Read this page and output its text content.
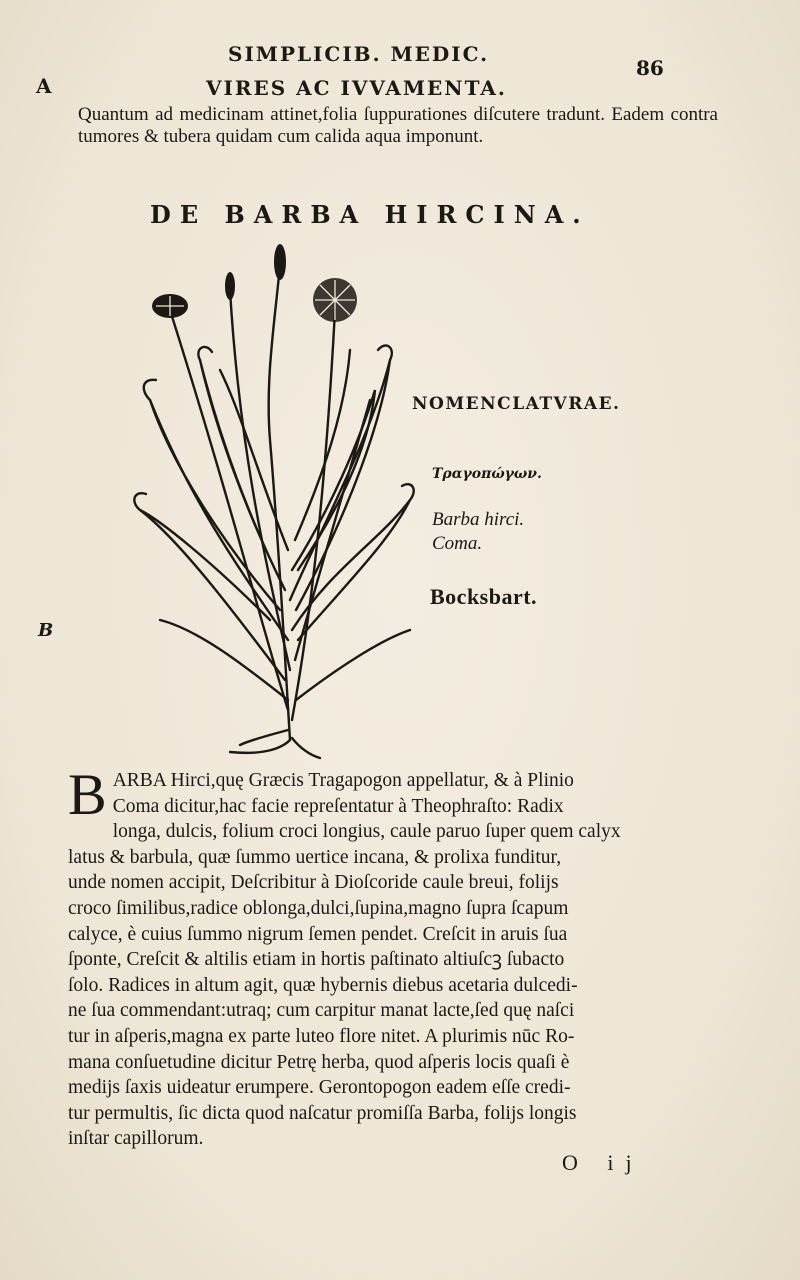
SIMPLICIB. MEDIC.
86
A	VIRES AC IVVAMENTA.

Quantum ad medicinam attinet,folia ſuppurationes diſcutere tradunt. Eadem contra tumores & tubera quidam cum calida aqua imponunt.

DE BARBA HIRCINA.
NOMENCLATVRAE.
Τραγοπώγων.
Barba hirci.
Coma.
Bocksbart.
B
B ARBA Hirci,quę Græcis Tragapogon appellatur, & à Plinio
Coma dicitur,hac facie repreſentatur à Theophraſto: Radix
longa, dulcis, folium croci longius, caule paruo ſuper quem calyx
latus & barbula, quæ ſummo uertice incana, & prolixa funditur,
unde nomen accipit, Deſcribitur à Dioſcoride caule breui, folijs
croco ſimilibus,radice oblonga,dulci,ſupina,magno ſupra ſcapum
calyce, è cuius ſummo nigrum ſemen pendet. Creſcit in aruis ſua
ſponte, Creſcit & altilis etiam in hortis paſtinato altiuſcꝫ ſubacto
ſolo. Radices in altum agit, quæ hybernis diebus acetaria dulcedi-
ne ſua commendant:utraq; cum carpitur manat lacte,ſed quę naſci
tur in aſperis,magna ex parte luteo flore nitet. A plurimis nūc Ro-
mana conſuetudine dicitur Petrę herba, quod aſperis locis quaſi è
medijs ſaxis uideatur erumpere. Gerontopogon eadem eſſe credi-
tur permultis, ſic dicta quod naſcatur promiſſa Barba, folijs longis
inſtar capillorum.
O ij
